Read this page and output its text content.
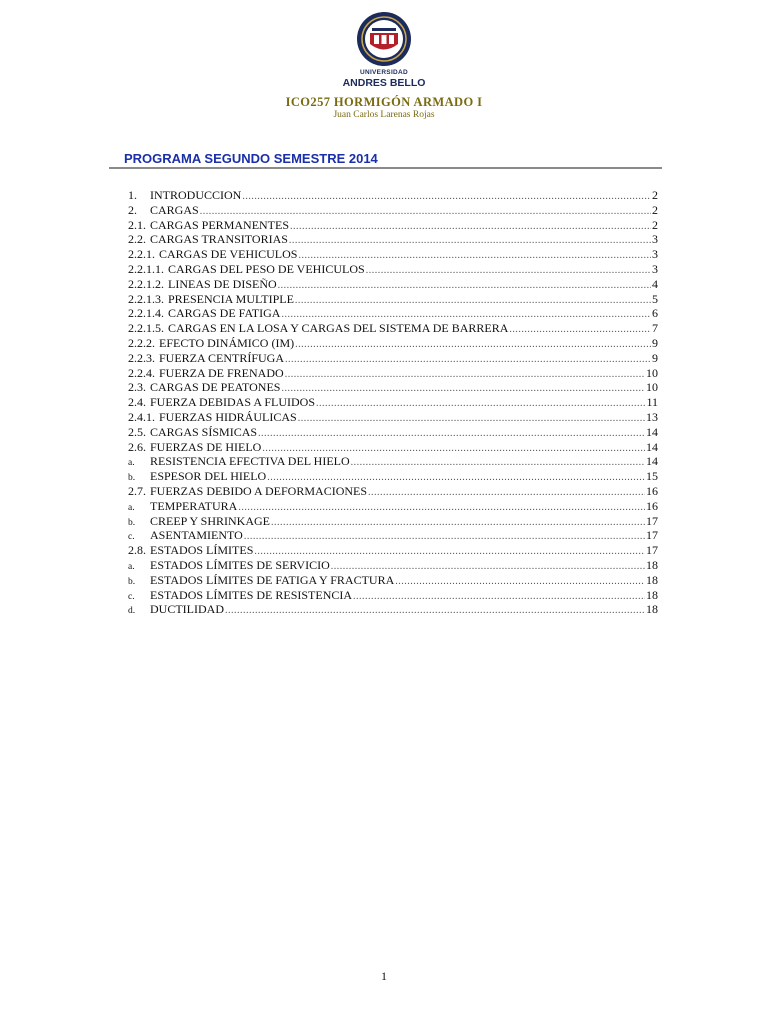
UNIVERSIDAD
ANDRES BELLO
ICO257 HORMIGÓN ARMADO I
Juan Carlos Larenas Rojas
PROGRAMA SEGUNDO SEMESTRE 2014
1.	INTRODUCCION .....	2
2.	CARGAS .....	2
2.1. CARGAS PERMANENTES .....	2
2.2. CARGAS TRANSITORIAS .....	3
2.2.1. CARGAS DE VEHICULOS .....	3
2.2.1.1. CARGAS DEL PESO DE VEHICULOS .....	3
2.2.1.2. LINEAS DE DISEÑO .....	4
2.2.1.3. PRESENCIA MULTIPLE .....	5
2.2.1.4. CARGAS DE FATIGA .....	6
2.2.1.5. CARGAS EN LA LOSA Y CARGAS DEL SISTEMA DE BARRERA .....	7
2.2.2. EFECTO DINÁMICO (IM) .....	9
2.2.3. FUERZA CENTRÍFUGA .....	9
2.2.4. FUERZA DE FRENADO .....	10
2.3. CARGAS DE PEATONES .....	10
2.4. FUERZA DEBIDAS A FLUIDOS .....	11
2.4.1. FUERZAS HIDRÁULICAS .....	13
2.5. CARGAS SÍSMICAS .....	14
2.6. FUERZAS DE HIELO .....	14
a.	RESISTENCIA EFECTIVA DEL HIELO .....	14
b.	ESPESOR DEL HIELO .....	15
2.7. FUERZAS DEBIDO A DEFORMACIONES .....	16
a.	TEMPERATURA .....	16
b.	CREEP Y SHRINKAGE .....	17
c.	ASENTAMIENTO .....	17
2.8. ESTADOS LÍMITES .....	17
a.	ESTADOS LÍMITES DE SERVICIO .....	18
b.	ESTADOS LÍMITES DE FATIGA Y FRACTURA .....	18
c.	ESTADOS LÍMITES DE RESISTENCIA .....	18
d.	DUCTILIDAD .....	18
1
